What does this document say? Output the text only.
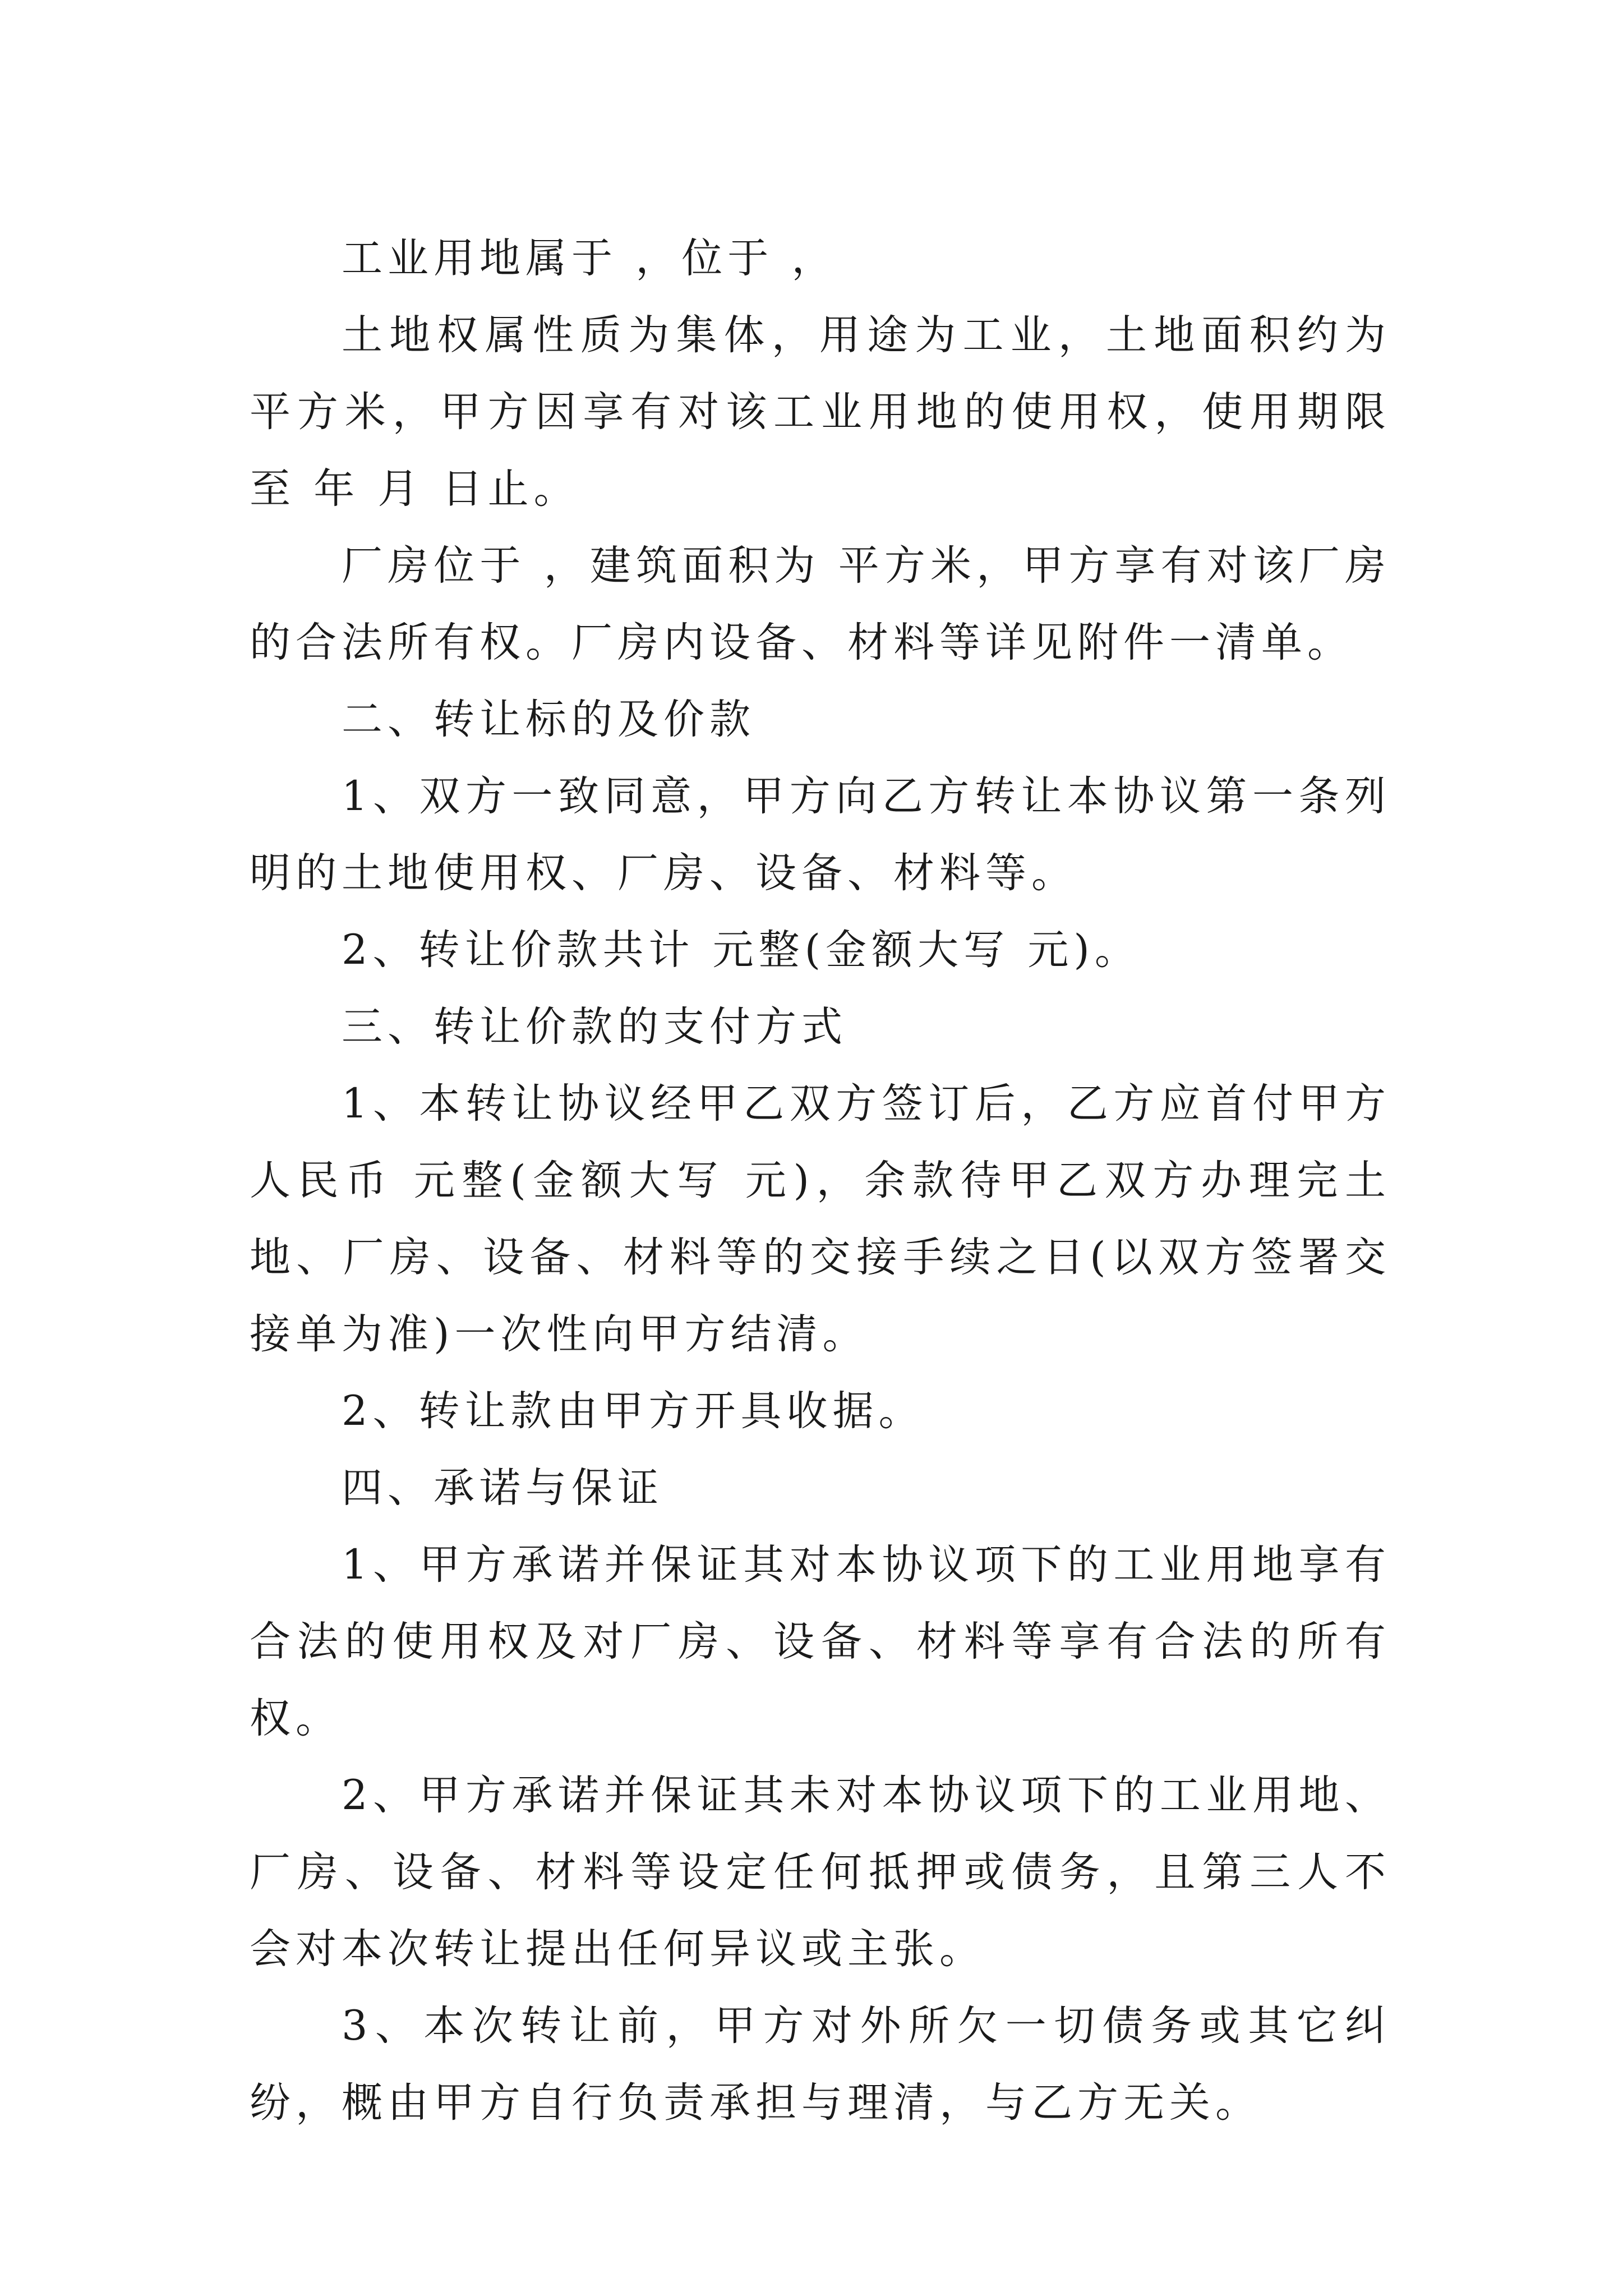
工业用地属于 ，位于 ，

土地权属性质为集体，用途为工业，土地面积约为 平方米，甲方因享有对该工业用地的使用权，使用期限至 年 月 日止。

厂房位于 ，建筑面积为 平方米，甲方享有对该厂房的合法所有权。厂房内设备、材料等详见附件一清单。

二、转让标的及价款

1、双方一致同意，甲方向乙方转让本协议第一条列明的土地使用权、厂房、设备、材料等。

2、转让价款共计 元整(金额大写 元)。

三、转让价款的支付方式

1、本转让协议经甲乙双方签订后，乙方应首付甲方人民币 元整(金额大写 元)，余款待甲乙双方办理完土地、厂房、设备、材料等的交接手续之日(以双方签署交接单为准)一次性向甲方结清。

2、转让款由甲方开具收据。

四、承诺与保证

1、甲方承诺并保证其对本协议项下的工业用地享有合法的使用权及对厂房、设备、材料等享有合法的所有权。

2、甲方承诺并保证其未对本协议项下的工业用地、厂房、设备、材料等设定任何抵押或债务，且第三人不会对本次转让提出任何异议或主张。

3、本次转让前，甲方对外所欠一切债务或其它纠纷，概由甲方自行负责承担与理清，与乙方无关。
